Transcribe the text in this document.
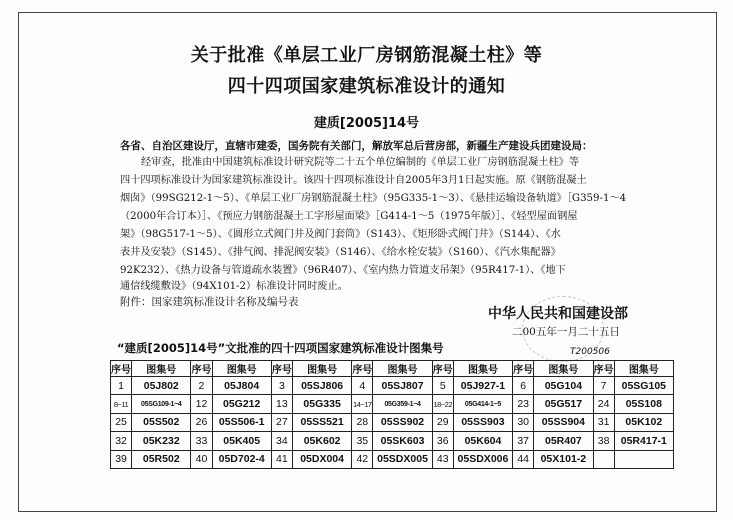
关于批准《单层工业厂房钢筋混凝土柱》等
四十四项国家建筑标准设计的通知
建质[2005]14号
各省、自治区建设厅，直辖市建委，国务院有关部门，解放军总后营房部，新疆生产建设兵团建设局：
经审查，批准由中国建筑标准设计研究院等二十五个单位编制的《单层工业厂房钢筋混凝土柱》等
四十四项标准设计为国家建筑标准设计。该四十四项标准设计自2005年3月1日起实施。原《钢筋混凝土
烟囱》（99SG212-1～5）、《单层工业厂房钢筋混凝土柱》（95G335-1～3）、《悬挂运输设备轨道》［G359-1～4
（2000年合订本）］、《预应力钢筋混凝土工字形屋面梁》［G414-1～5（1975年版）］、《轻型屋面钢屋
架》（98G517-1～5）、《圆形立式阀门井及阀门套筒》（S143）、《矩形卧式阀门井》（S144）、《水
表井及安装》（S145）、《排气阀、排泥阀安装》（S146）、《给水栓安装》（S160）、《汽水集配器》
92K232）、《热力设备与管道疏水装置》（96R407）、《室内热力管道支吊架》（95R417-1）、《地下
通信线缆敷设》（94X101-2）标准设计同时废止。
附件：国家建筑标准设计名称及编号表
中华人民共和国建设部
二00五年一月二十五日
T200506
“建质[2005]14号”文批准的四十四项国家建筑标准设计图集号
序号	图集号	序号	图集号	序号	图集号	序号	图集号	序号	图集号	序号	图集号	序号	图集号
1	05J802	2	05J804	3	05SJ806	4	05SJ807	5	05J927-1	6	05G104	7	05SG105
8~11	05SG109-1~4	12	05G212	13	05G335	14~17	05G359-1~4	18~22	05G414-1~5	23	05G517	24	05S108
25	05S502	26	05S506-1	27	05SS521	28	05SS902	29	05SS903	30	05SS904	31	05K102
32	05K232	33	05K405	34	05K602	35	05SK603	36	05K604	37	05R407	38	05R417-1
39	05R502	40	05D702-4	41	05DX004	42	05SDX005	43	05SDX006	44	05X101-2		
